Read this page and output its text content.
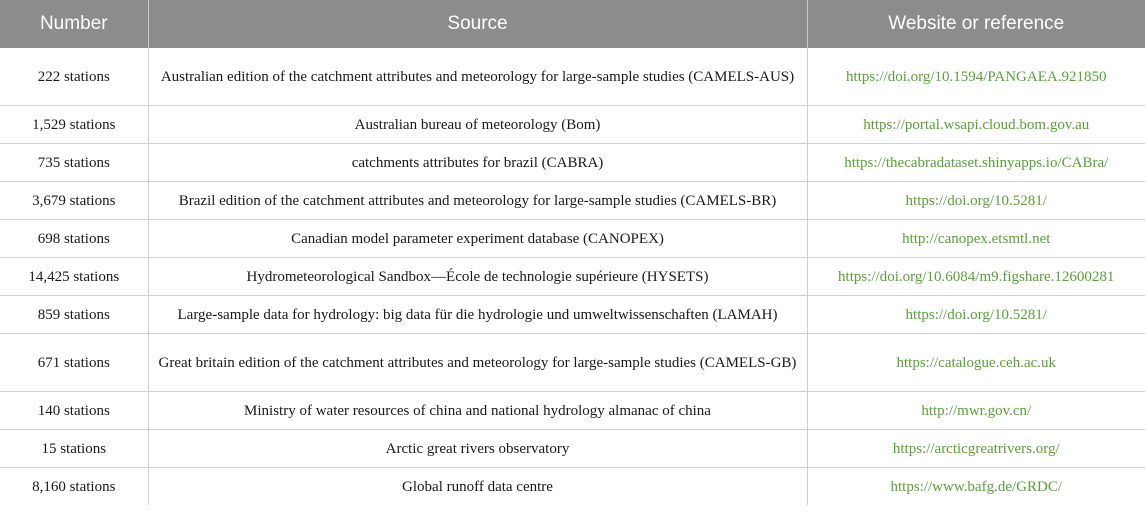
Number	Source	Website or reference
222 stations	Australian edition of the catchment attributes and meteorology for large-sample studies (CAMELS-AUS)	https://doi.org/10.1594/PANGAEA.921850
1,529 stations	Australian bureau of meteorology (Bom)	https://portal.wsapi.cloud.bom.gov.au
735 stations	catchments attributes for brazil (CABRA)	https://thecabradataset.shinyapps.io/CABra/
3,679 stations	Brazil edition of the catchment attributes and meteorology for large-sample studies (CAMELS-BR)	https://doi.org/10.5281/
698 stations	Canadian model parameter experiment database (CANOPEX)	http://canopex.etsmtl.net
14,425 stations	Hydrometeorological Sandbox—École de technologie supérieure (HYSETS)	https://doi.org/10.6084/m9.figshare.12600281
859 stations	Large-sample data for hydrology: big data für die hydrologie und umweltwissenschaften (LAMAH)	https://doi.org/10.5281/
671 stations	Great britain edition of the catchment attributes and meteorology for large-sample studies (CAMELS-GB)	https://catalogue.ceh.ac.uk
140 stations	Ministry of water resources of china and national hydrology almanac of china	http://mwr.gov.cn/
15 stations	Arctic great rivers observatory	https://arcticgreatrivers.org/
8,160 stations	Global runoff data centre	https://www.bafg.de/GRDC/
